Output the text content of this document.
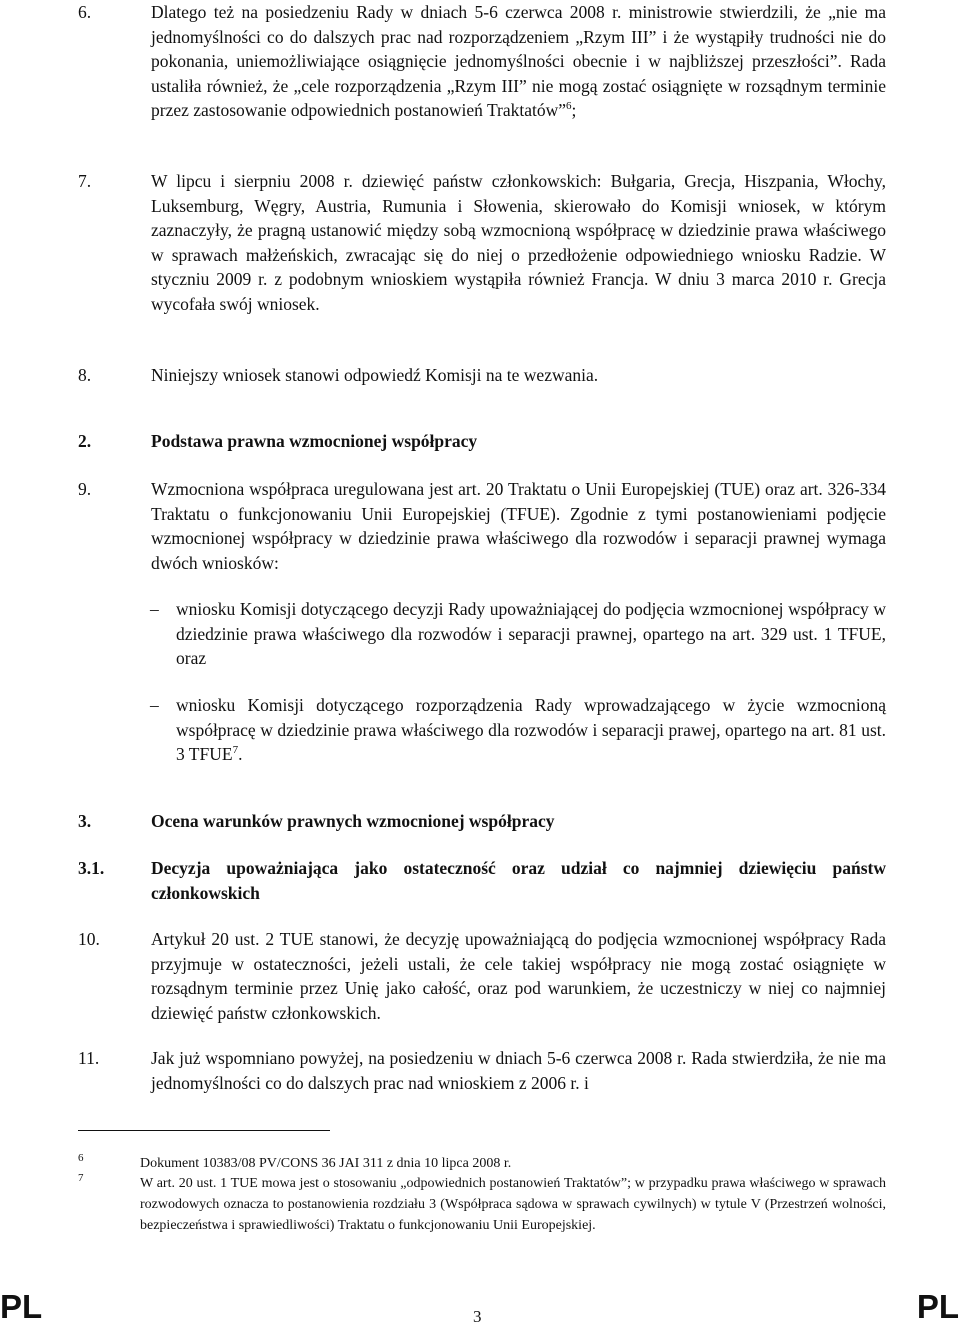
6.	Dlatego też na posiedzeniu Rady w dniach 5-6 czerwca 2008 r. ministrowie stwierdzili, że „nie ma jednomyślności co do dalszych prac nad rozporządzeniem „Rzym III” i że wystąpiły trudności nie do pokonania, uniemożliwiające osiągnięcie jednomyślności obecnie i w najbliższej przeszłości”. Rada ustaliła również, że „cele rozporządzenia „Rzym III” nie mogą zostać osiągnięte w rozsądnym terminie przez zastosowanie odpowiednich postanowień Traktatów”$^6$;
7.	W lipcu i sierpniu 2008 r. dziewięć państw członkowskich: Bułgaria, Grecja, Hiszpania, Włochy, Luksemburg, Węgry, Austria, Rumunia i Słowenia, skierowało do Komisji wniosek, w którym zaznaczyły, że pragną ustanowić między sobą wzmocnioną współpracę w dziedzinie prawa właściwego w sprawach małżeńskich, zwracając się do niej o przedłożenie odpowiedniego wniosku Radzie. W styczniu 2009 r. z podobnym wnioskiem wystąpiła również Francja. W dniu 3 marca 2010 r. Grecja wycofała swój wniosek.
8.	Niniejszy wniosek stanowi odpowiedź Komisji na te wezwania.
2.	Podstawa prawna wzmocnionej współpracy
9.	Wzmocniona współpraca uregulowana jest art. 20 Traktatu o Unii Europejskiej (TUE) oraz art. 326-334 Traktatu o funkcjonowaniu Unii Europejskiej (TFUE). Zgodnie z tymi postanowieniami podjęcie wzmocnionej współpracy w dziedzinie prawa właściwego dla rozwodów i separacji prawnej wymaga dwóch wniosków:
– wniosku Komisji dotyczącego decyzji Rady upoważniającej do podjęcia wzmocnionej współpracy w dziedzinie prawa właściwego dla rozwodów i separacji prawnej, opartego na art. 329 ust. 1 TFUE, oraz
– wniosku Komisji dotyczącego rozporządzenia Rady wprowadzającego w życie wzmocnioną współpracę w dziedzinie prawa właściwego dla rozwodów i separacji prawej, opartego na art. 81 ust. 3 TFUE$^7$.
3.	Ocena warunków prawnych wzmocnionej współpracy
3.1.	Decyzja upoważniająca jako ostateczność oraz udział co najmniej dziewięciu państw członkowskich
10.	Artykuł 20 ust. 2 TUE stanowi, że decyzję upoważniającą do podjęcia wzmocnionej współpracy Rada przyjmuje w ostateczności, jeżeli ustali, że cele takiej współpracy nie mogą zostać osiągnięte w rozsądnym terminie przez Unię jako całość, oraz pod warunkiem, że uczestniczy w niej co najmniej dziewięć państw członkowskich.
11.	Jak już wspomniano powyżej, na posiedzeniu w dniach 5-6 czerwca 2008 r. Rada stwierdziła, że nie ma jednomyślności co do dalszych prac nad wnioskiem z 2006 r. i
6	Dokument 10383/08 PV/CONS 36 JAI 311 z dnia 10 lipca 2008 r.
7	W art. 20 ust. 1 TUE mowa jest o stosowaniu „odpowiednich postanowień Traktatów”; w przypadku prawa właściwego w sprawach rozwodowych oznacza to postanowienia rozdziału 3 (Współpraca sądowa w sprawach cywilnych) w tytule V (Przestrzeń wolności, bezpieczeństwa i sprawiedliwości) Traktatu o funkcjonowaniu Unii Europejskiej.
PL	3	PL
